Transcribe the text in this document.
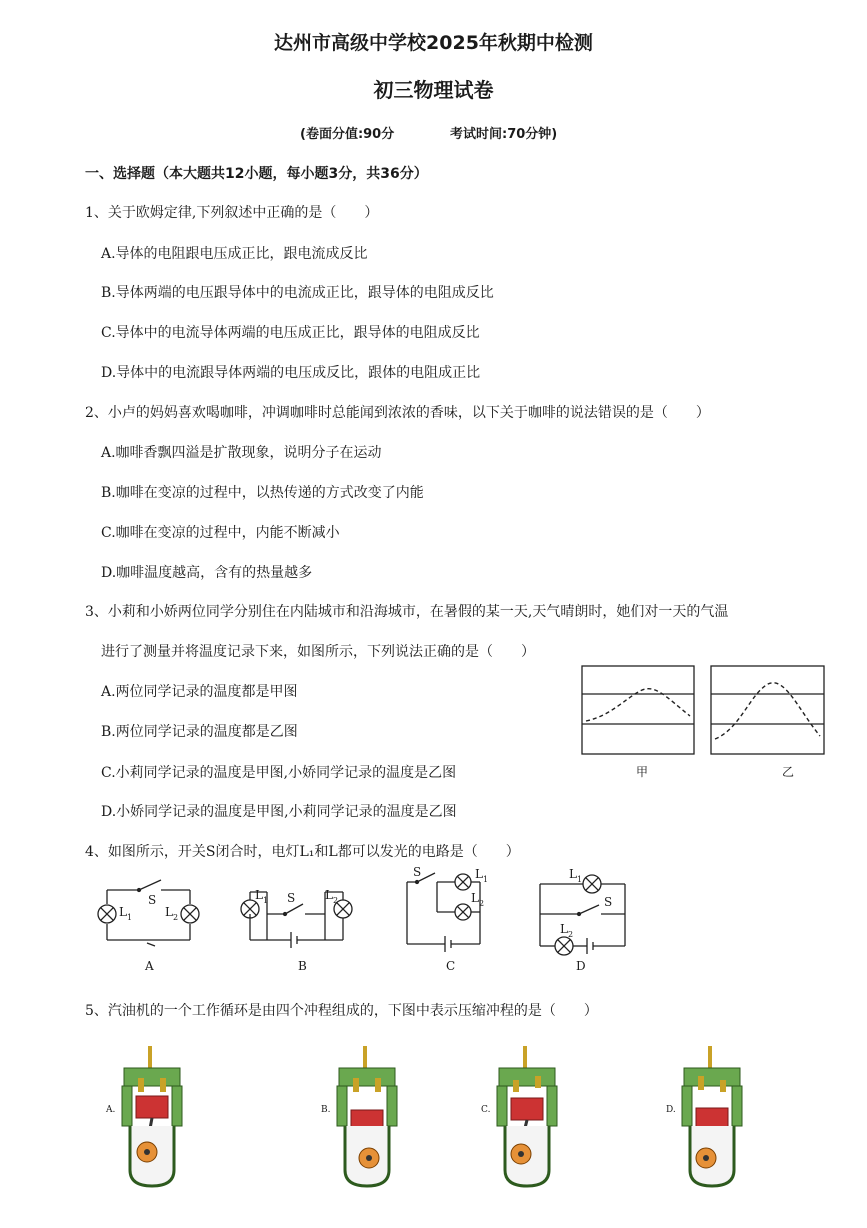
达州市高级中学校2025年秋期中检测
初三物理试卷
(卷面分值:90分	考试时间:70分钟)
一、选择题（本大题共12小题，每小题3分，共36分）
1、关于欧姆定律,下列叙述中正确的是（　　）
A.导体的电阻跟电压成正比，跟电流成反比
B.导体两端的电压跟导体中的电流成正比，跟导体的电阻成反比
C.导体中的电流导体两端的电压成正比，跟导体的电阻成反比
D.导体中的电流跟导体两端的电压成反比，跟体的电阻成正比
2、小卢的妈妈喜欢喝咖啡，冲调咖啡时总能闻到浓浓的香味，以下关于咖啡的说法错误的是（　　）
A.咖啡香飘四溢是扩散现象，说明分子在运动
B.咖啡在变凉的过程中，以热传递的方式改变了内能
C.咖啡在变凉的过程中，内能不断减小
D.咖啡温度越高，含有的热量越多
3、小莉和小娇两位同学分别住在内陆城市和沿海城市，在暑假的某一天,天气晴朗时，她们对一天的气温
进行了测量并将温度记录下来，如图所示，下列说法正确的是（　　）
A.两位同学记录的温度都是甲图
B.两位同学记录的温度都是乙图
C.小莉同学记录的温度是甲图,小娇同学记录的温度是乙图
D.小娇同学记录的温度是甲图,小莉同学记录的温度是乙图
甲	乙
4、如图所示，开关S闭合时，电灯L₁和L都可以发光的电路是（　　）
S
L 1	L 2
A
L 1 S L 2
B
S	L 1
L 2
C
L 1
S
L 2
D
5、汽油机的一个工作循环是由四个冲程组成的，下图中表示压缩冲程的是（　　）
A.	B.	C.	D.
